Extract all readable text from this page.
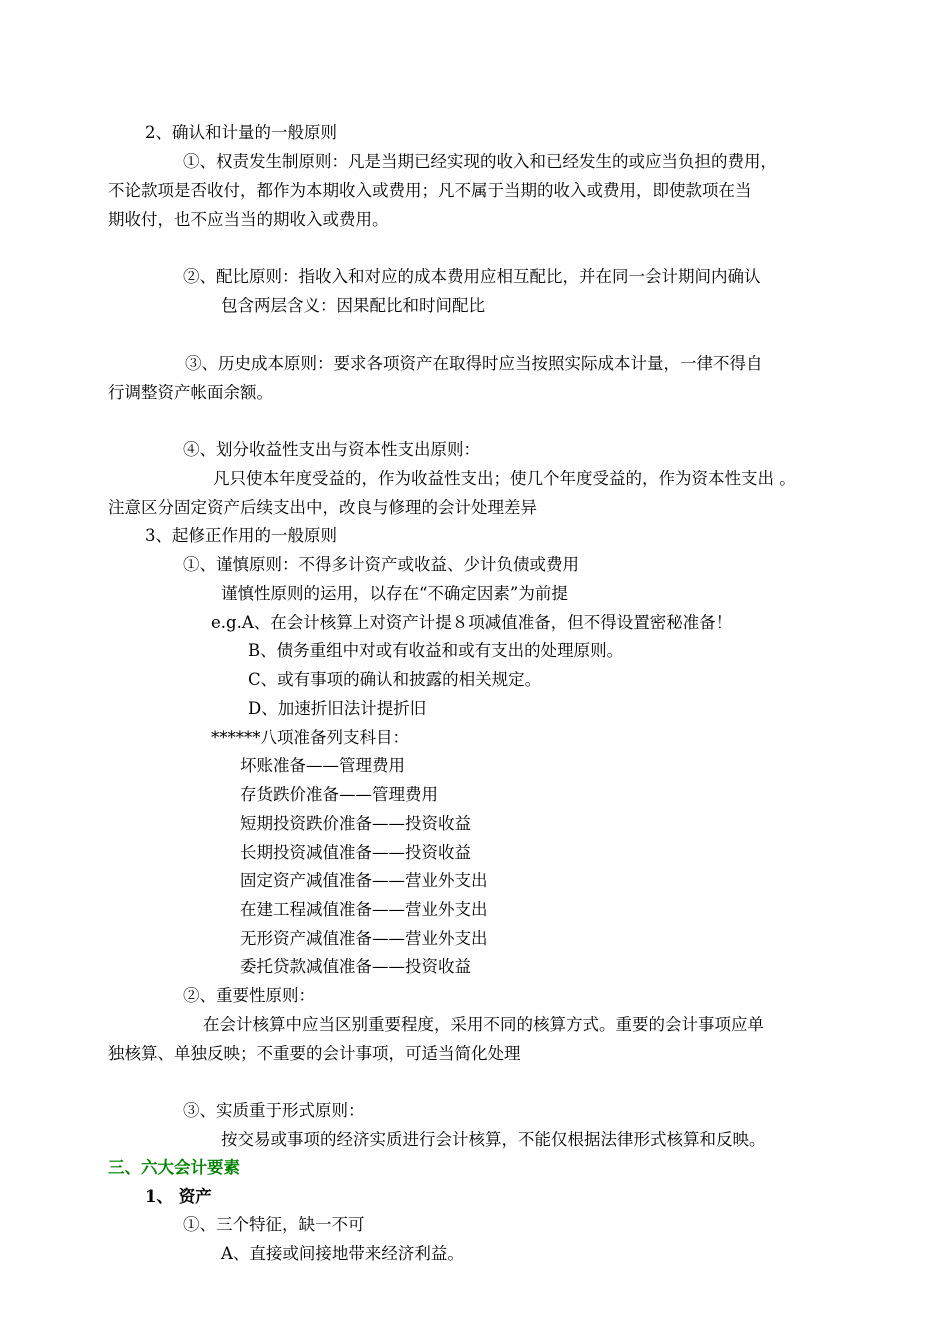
2、确认和计量的一般原则
①、权责发生制原则：凡是当期已经实现的收入和已经发生的或应当负担的费用，
不论款项是否收付，都作为本期收入或费用；凡不属于当期的收入或费用，即使款项在当
期收付，也不应当当的期收入或费用。
②、配比原则：指收入和对应的成本费用应相互配比，并在同一会计期间内确认
包含两层含义：因果配比和时间配比
③、历史成本原则：要求各项资产在取得时应当按照实际成本计量，一律不得自
行调整资产帐面余额。
④、划分收益性支出与资本性支出原则：
凡只使本年度受益的，作为收益性支出；使几个年度受益的，作为资本性支出 。
注意区分固定资产后续支出中，改良与修理的会计处理差异
3、起修正作用的一般原则
①、谨慎原则：不得多计资产或收益、少计负债或费用
谨慎性原则的运用，以存在“不确定因素”为前提
e.g.A、在会计核算上对资产计提８项减值准备，但不得设置密秘准备！
B、债务重组中对或有收益和或有支出的处理原则。
C、或有事项的确认和披露的相关规定。
D、加速折旧法计提折旧
******八项准备列支科目：
坏账准备——管理费用
存货跌价准备——管理费用
短期投资跌价准备——投资收益
长期投资减值准备——投资收益
固定资产减值准备——营业外支出
在建工程减值准备——营业外支出
无形资产减值准备——营业外支出
委托贷款减值准备——投资收益
②、重要性原则：
在会计核算中应当区别重要程度，采用不同的核算方式。重要的会计事项应单
独核算、单独反映；不重要的会计事项，可适当简化处理
③、实质重于形式原则：
按交易或事项的经济实质进行会计核算，不能仅根据法律形式核算和反映。
三、六大会计要素
1、 资产
①、三个特征，缺一不可
A、直接或间接地带来经济利益。
